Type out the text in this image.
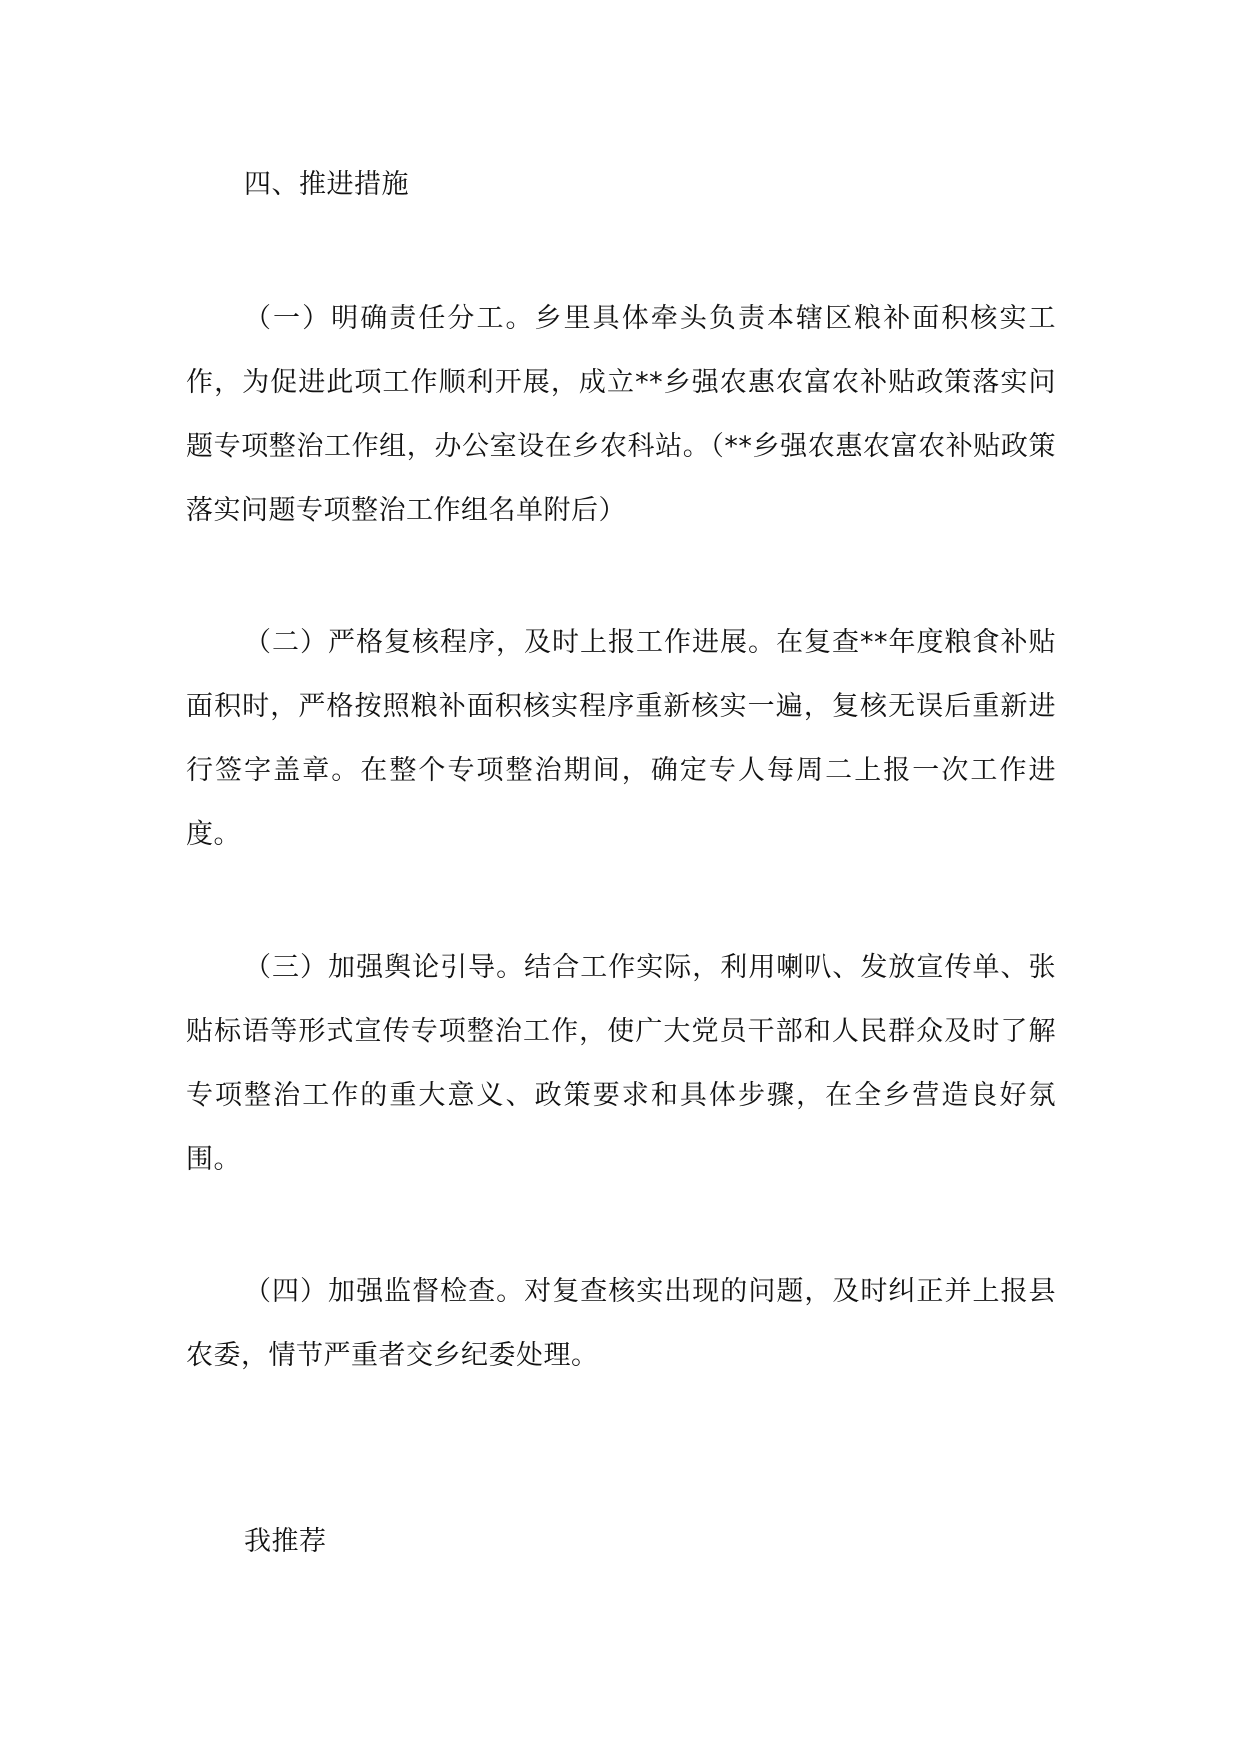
四、推进措施

（一）明确责任分工。乡里具体牵头负责本辖区粮补面积核实工作，为促进此项工作顺利开展，成立**乡强农惠农富农补贴政策落实问题专项整治工作组，办公室设在乡农科站。（**乡强农惠农富农补贴政策落实问题专项整治工作组名单附后）

（二）严格复核程序，及时上报工作进展。在复查**年度粮食补贴面积时，严格按照粮补面积核实程序重新核实一遍，复核无误后重新进行签字盖章。在整个专项整治期间，确定专人每周二上报一次工作进度。

（三）加强舆论引导。结合工作实际，利用喇叭、发放宣传单、张贴标语等形式宣传专项整治工作，使广大党员干部和人民群众及时了解专项整治工作的重大意义、政策要求和具体步骤，在全乡营造良好氛围。

（四）加强监督检查。对复查核实出现的问题，及时纠正并上报县农委，情节严重者交乡纪委处理。

我推荐
